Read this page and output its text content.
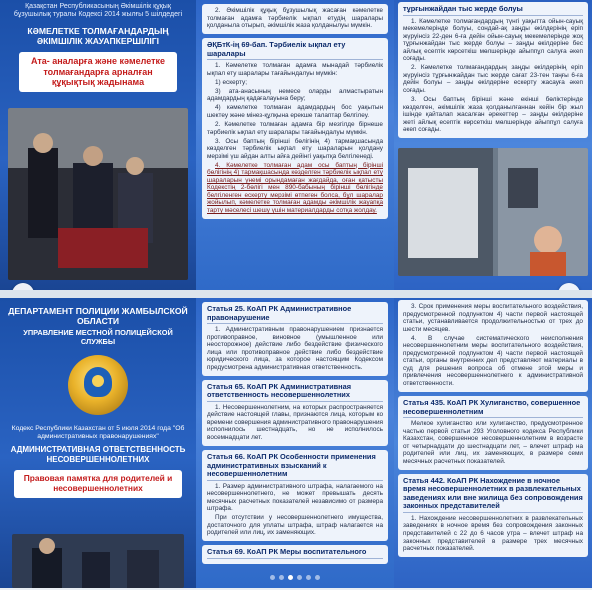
Қазақстан Республикасының Әкімшілік құқық бұзушылық туралы Кодексі 2014 жылғы 5 шілдедегі
КӘМЕЛЕТКЕ ТОЛМАҒАНДАРДЫҢ ӘКІМШІЛІК ЖАУАПКЕРШІЛІГІ
Ата- аналарға және кәмелетке толмағандарға арналған құқықтық жадынама

2. Әкімшілік құқық бұзушылық жасаған кәмелетке толмаған адамға тәрбиелік ықпал етудің шаралары қолданыла отырып, әкімшілік жаза қолданылуы мүмкін.

ӘҚБтК-ің 69-бап. Тәрбиелік ықпал ету шаралары

1. Кәмелетке толмаған адамға мынадай тәрбиелік ықпал ету шаралары тағайындалуы мүмкін:

1) ескерту;

3) ата-анасының немесе оларды алмастыратын адамдардың қадағалауына беру;

4) кәмелетке толмаған адамдардың бос уақытын шектеу және мінез-құлқына ерекше талаптар белгілеу.

2. Кәмелетке толмаған адамға бір мезгілде бірнеше тәрбиелік ықпал ету шаралары тағайындалуы мүмкін.

3. Осы баптың бірінші бөлігінің 4) тармақшасында көзделген тәрбиелік ықпал ету шараларын қолдану мерзімі үш айдан алты айға дейінгі уақытқа белгіленеді.

4. Кәмелетке толмаған адам осы баптың бірінші бөлігінің 4) тармақшасында көзделген тәрбиелік ықпал ету шараларын үнемі орындамаған жағдайда, оған қатысты Кодекстің 2-бөлігі мен 890-бабының бірінші бөлігінде белгіленген ескерту мерзімі өтпеген болса, бұл шаралар жойылып, кәмелетке толмаған адамды әкімшілік жауапқа тарту мәселесі шешу үшін материалдарды сотқа жолдау.

тұрғынжайдан тыс жерде болуы

1. Кәмелетке толмағандардың түнгі уақытта ойын-сауық мекемелерінде болуы, сондай-ақ заңды өкілдерінің еріп жүруінсіз 22-ден 6-ға дейін ойын-сауық мекемелерінде жоқ тұрғынжайдан тыс жерде болуы – заңды өкілдеріне бес айлық есептік көрсеткіш мөлшерінде айыппұл салуға әкеп соғады.

2. Кәмелетке толмағандардың заңды өкілдерінің еріп жүруінсіз тұрғынжайдан тыс жерде сағат 23-тен таңғы 6-ға дейін болуы – заңды өкілдеріне ескерту жасауға әкеп соғады.

3. Осы баптың бірінші және екінші бөліктерінде көзделген, әкімшілік жаза қолданылғаннан кейін бір жыл ішінде қайталап жасалған әрекеттер – заңды өкілдеріне жеті айлық есептік көрсеткіш мөлшерінде айыппұл салуға әкеп соғады.

ДЕПАРТАМЕНТ ПОЛИЦИИ ЖАМБЫЛСКОЙ ОБЛАСТИ
УПРАВЛЕНИЕ МЕСТНОЙ ПОЛИЦЕЙСКОЙ СЛУЖБЫ
Кодекс Республики Казахстан от 5 июля 2014 года "Об административных правонарушениях"
АДМИНИСТРАТИВНАЯ ОТВЕТСТВЕННОСТЬ НЕСОВЕРШЕННОЛЕТНИХ
Правовая памятка для родителей и несовершеннолетних
Статья 25. КоАП РК Административное правонарушение

1. Административным правонарушением признается противоправное, виновное (умышленное или неосторожное) действие либо бездействие физического лица или противоправное действие либо бездействие юридического лица, за которое настоящим Кодексом предусмотрена административная ответственность.

Статья 65. КоАП РК Административная ответственность несовершеннолетних

1. Несовершеннолетним, на которых распространяется действие настоящей главы, признаются лица, которым ко времени совершения административного правонарушения исполнилось шестнадцать, но не исполнилось восемнадцати лет.

Статья 66. КоАП РК Особенности применения административных взысканий к несовершеннолетним

1. Размер административного штрафа, налагаемого на несовершеннолетнего, не может превышать десять месячных расчетных показателей независимо от размера штрафа.

При отсутствии у несовершеннолетнего имущества, достаточного для уплаты штрафа, штраф налагается на родителей или лиц, их заменяющих.

Статья 69. КоАП РК Меры воспитательного

3. Срок применения меры воспитательного воздействия, предусмотренной подпунктом 4) части первой настоящей статьи, устанавливается продолжительностью от трех до шести месяцев.

4. В случае систематического неисполнения несовершеннолетним меры воспитательного воздействия, предусмотренной подпунктом 4) части первой настоящей статьи, органы внутренних дел представляют материалы в суд для решения вопроса об отмене этой меры и привлечения несовершеннолетнего к административной ответственности.

Статья 435. КоАП РК Хулиганство, совершенное несовершеннолетним

Мелкое хулиганство или хулиганство, предусмотренное частью первой статьи 293 Уголовного кодекса Республики Казахстан, совершенное несовершеннолетним в возрасте от четырнадцати до шестнадцати лет, – влечет штраф на родителей или лиц, их заменяющих, в размере семи месячных расчетных показателей.

Статья 442. КоАП РК Нахождение в ночное время несовершеннолетних в развлекательных заведениях или вне жилища без сопровождения законных представителей

1. Нахождение несовершеннолетних в развлекательных заведениях в ночное время без сопровождения законных представителей с 22 до 6 часов утра – влечет штраф на законных представителей в размере трех месячных расчетных показателей.
